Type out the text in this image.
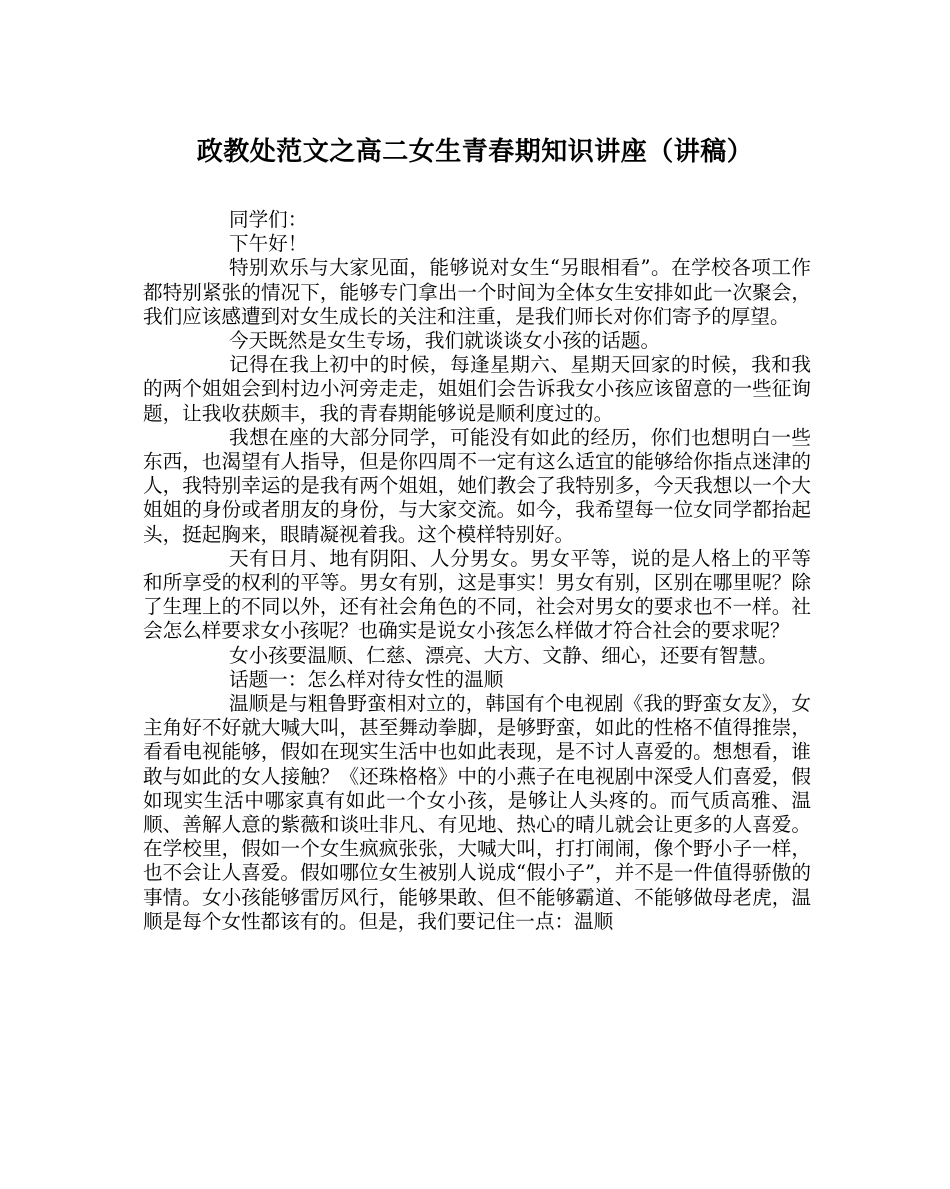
政教处范文之高二女生青春期知识讲座（讲稿）

同学们：

下午好！

特别欢乐与大家见面，能够说对女生“另眼相看”。在学校各项工作都特别紧张的情况下，能够专门拿出一个时间为全体女生安排如此一次聚会，我们应该感遭到对女生成长的关注和注重，是我们师长对你们寄予的厚望。

今天既然是女生专场，我们就谈谈女小孩的话题。

记得在我上初中的时候，每逢星期六、星期天回家的时候，我和我的两个姐姐会到村边小河旁走走，姐姐们会告诉我女小孩应该留意的一些征询题，让我收获颇丰，我的青春期能够说是顺利度过的。

我想在座的大部分同学，可能没有如此的经历，你们也想明白一些东西，也渴望有人指导，但是你四周不一定有这么适宜的能够给你指点迷津的人，我特别幸运的是我有两个姐姐，她们教会了我特别多，今天我想以一个大姐姐的身份或者朋友的身份，与大家交流。如今，我希望每一位女同学都抬起头，挺起胸来，眼睛凝视着我。这个模样特别好。

天有日月、地有阴阳、人分男女。男女平等，说的是人格上的平等和所享受的权利的平等。男女有别，这是事实！男女有别，区别在哪里呢？除了生理上的不同以外，还有社会角色的不同，社会对男女的要求也不一样。社会怎么样要求女小孩呢？也确实是说女小孩怎么样做才符合社会的要求呢？

女小孩要温顺、仁慈、漂亮、大方、文静、细心，还要有智慧。

话题一：怎么样对待女性的温顺

温顺是与粗鲁野蛮相对立的，韩国有个电视剧《我的野蛮女友》，女主角好不好就大喊大叫，甚至舞动拳脚，是够野蛮，如此的性格不值得推崇，看看电视能够，假如在现实生活中也如此表现，是不讨人喜爱的。想想看，谁敢与如此的女人接触？《还珠格格》中的小燕子在电视剧中深受人们喜爱，假如现实生活中哪家真有如此一个女小孩，是够让人头疼的。而气质高雅、温顺、善解人意的紫薇和谈吐非凡、有见地、热心的晴儿就会让更多的人喜爱。在学校里，假如一个女生疯疯张张，大喊大叫，打打闹闹，像个野小子一样，也不会让人喜爱。假如哪位女生被别人说成“假小子”，并不是一件值得骄傲的事情。女小孩能够雷厉风行，能够果敢、但不能够霸道、不能够做母老虎，温顺是每个女性都该有的。但是，我们要记住一点：温顺
